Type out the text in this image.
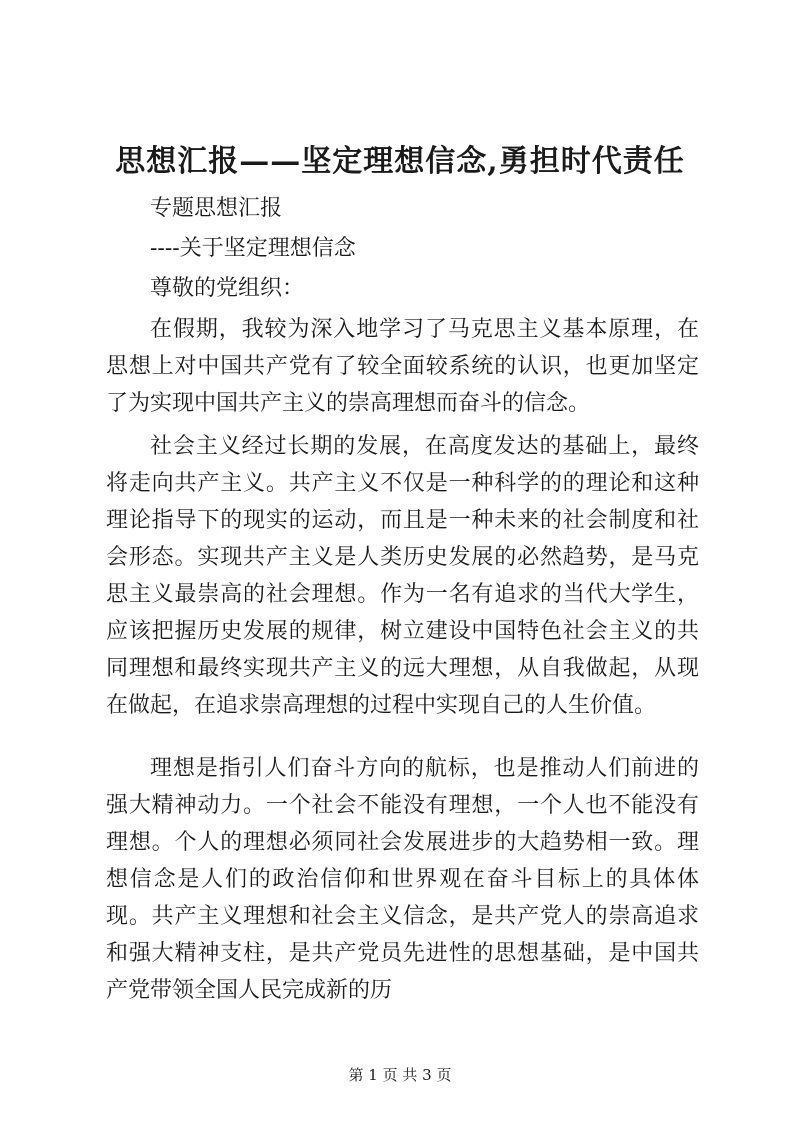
思想汇报——坚定理想信念,勇担时代责任
专题思想汇报
----关于坚定理想信念
尊敬的党组织：

在假期，我较为深入地学习了马克思主义基本原理，在思想上对中国共产党有了较全面较系统的认识，也更加坚定了为实现中国共产主义的崇高理想而奋斗的信念。

社会主义经过长期的发展，在高度发达的基础上，最终将走向共产主义。共产主义不仅是一种科学的的理论和这种理论指导下的现实的运动，而且是一种未来的社会制度和社会形态。实现共产主义是人类历史发展的必然趋势，是马克思主义最崇高的社会理想。作为一名有追求的当代大学生，应该把握历史发展的规律，树立建设中国特色社会主义的共同理想和最终实现共产主义的远大理想，从自我做起，从现在做起，在追求崇高理想的过程中实现自己的人生价值。

理想是指引人们奋斗方向的航标，也是推动人们前进的强大精神动力。一个社会不能没有理想，一个人也不能没有理想。个人的理想必须同社会发展进步的大趋势相一致。理想信念是人们的政治信仰和世界观在奋斗目标上的具体体现。共产主义理想和社会主义信念，是共产党人的崇高追求和强大精神支柱，是共产党员先进性的思想基础，是中国共产党带领全国人民完成新的历

第 1 页 共 3 页
